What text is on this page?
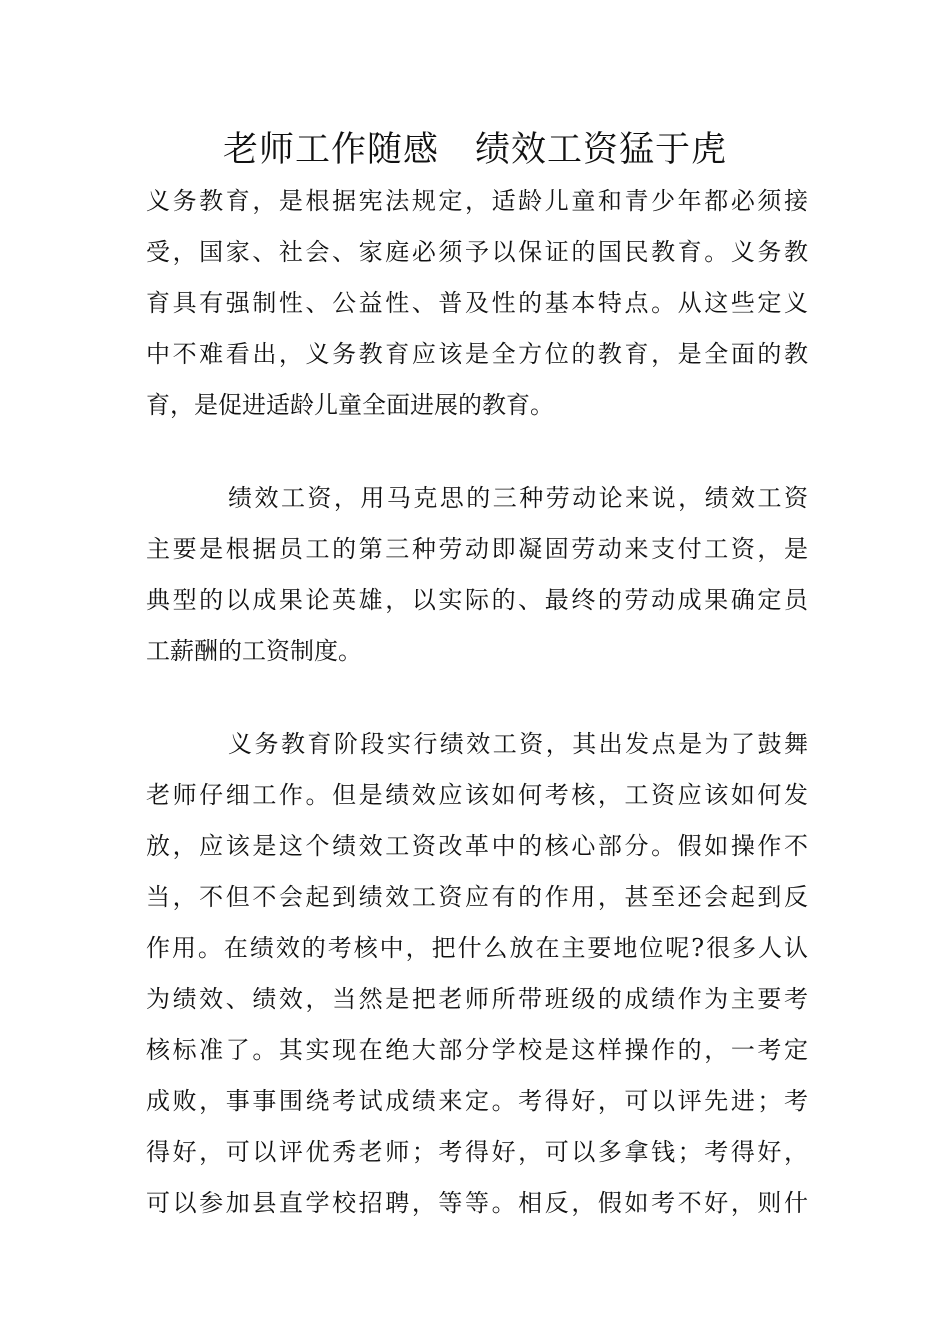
老师工作随感　绩效工资猛于虎
义务教育，是根据宪法规定，适龄儿童和青少年都必须接
受，国家、社会、家庭必须予以保证的国民教育。义务教
育具有强制性、公益性、普及性的基本特点。从这些定义
中不难看出，义务教育应该是全方位的教育，是全面的教
育，是促进适龄儿童全面进展的教育。
绩效工资，用马克思的三种劳动论来说，绩效工资
主要是根据员工的第三种劳动即凝固劳动来支付工资，是
典型的以成果论英雄，以实际的、最终的劳动成果确定员
工薪酬的工资制度。
义务教育阶段实行绩效工资，其出发点是为了鼓舞
老师仔细工作。但是绩效应该如何考核，工资应该如何发
放，应该是这个绩效工资改革中的核心部分。假如操作不
当，不但不会起到绩效工资应有的作用，甚至还会起到反
作用。在绩效的考核中，把什么放在主要地位呢?很多人认
为绩效、绩效，当然是把老师所带班级的成绩作为主要考
核标准了。其实现在绝大部分学校是这样操作的，一考定
成败，事事围绕考试成绩来定。考得好，可以评先进；考
得好，可以评优秀老师；考得好，可以多拿钱；考得好，
可以参加县直学校招聘，等等。相反，假如考不好，则什
